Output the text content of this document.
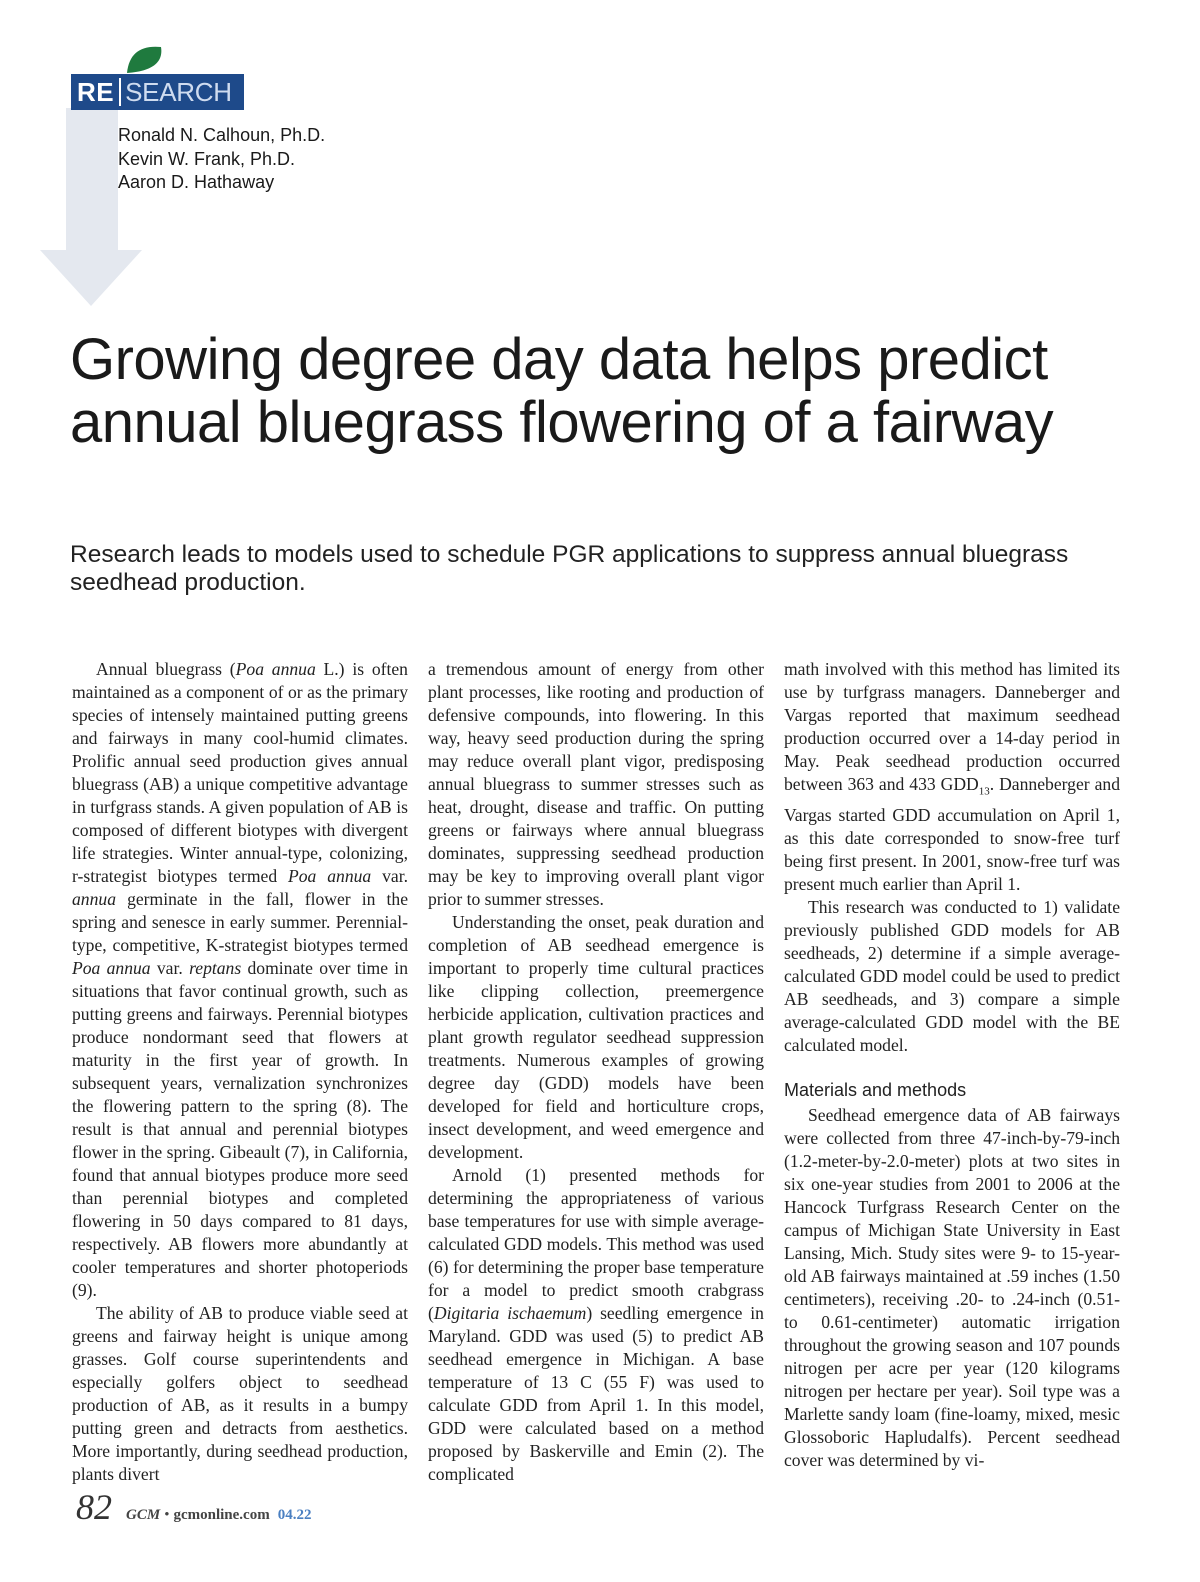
RE SEARCH
Ronald N. Calhoun, Ph.D.
Kevin W. Frank, Ph.D.
Aaron D. Hathaway
Growing degree day data helps predict annual bluegrass flowering of a fairway

Research leads to models used to schedule PGR applications to suppress annual bluegrass seedhead production.

Annual bluegrass (Poa annua L.) is often maintained as a component of or as the primary species of intensely maintained putting greens and fairways in many cool-humid climates. Prolific annual seed production gives annual bluegrass (AB) a unique competitive advantage in turfgrass stands. A given population of AB is composed of different biotypes with divergent life strategies. Winter annual-type, colonizing, r-strategist biotypes termed Poa annua var. annua germinate in the fall, flower in the spring and senesce in early summer. Perennial-type, competitive, K-strategist biotypes termed Poa annua var. reptans dominate over time in situations that favor continual growth, such as putting greens and fairways. Perennial biotypes produce nondormant seed that flowers at maturity in the first year of growth. In subsequent years, vernalization synchronizes the flowering pattern to the spring (8). The result is that annual and perennial biotypes flower in the spring. Gibeault (7), in California, found that annual biotypes produce more seed than perennial biotypes and completed flowering in 50 days compared to 81 days, respectively. AB flowers more abundantly at cooler temperatures and shorter photoperiods (9).

The ability of AB to produce viable seed at greens and fairway height is unique among grasses. Golf course superintendents and especially golfers object to seedhead production of AB, as it results in a bumpy putting green and detracts from aesthetics. More importantly, during seedhead production, plants divert

a tremendous amount of energy from other plant processes, like rooting and production of defensive compounds, into flowering. In this way, heavy seed production during the spring may reduce overall plant vigor, predisposing annual bluegrass to summer stresses such as heat, drought, disease and traffic. On putting greens or fairways where annual bluegrass dominates, suppressing seedhead production may be key to improving overall plant vigor prior to summer stresses.

Understanding the onset, peak duration and completion of AB seedhead emergence is important to properly time cultural practices like clipping collection, preemergence herbicide application, cultivation practices and plant growth regulator seedhead suppression treatments. Numerous examples of growing degree day (GDD) models have been developed for field and horticulture crops, insect development, and weed emergence and development.

Arnold (1) presented methods for determining the appropriateness of various base temperatures for use with simple average-calculated GDD models. This method was used (6) for determining the proper base temperature for a model to predict smooth crabgrass (Digitaria ischaemum) seedling emergence in Maryland. GDD was used (5) to predict AB seedhead emergence in Michigan. A base temperature of 13 C (55 F) was used to calculate GDD from April 1. In this model, GDD were calculated based on a method proposed by Baskerville and Emin (2). The complicated

math involved with this method has limited its use by turfgrass managers. Danneberger and Vargas reported that maximum seedhead production occurred over a 14-day period in May. Peak seedhead production occurred between 363 and 433 $GDD_{13}$. Danneberger and Vargas started GDD accumulation on April 1, as this date corresponded to snow-free turf being first present. In 2001, snow-free turf was present much earlier than April 1.

This research was conducted to 1) validate previously published GDD models for AB seedheads, 2) determine if a simple average-calculated GDD model could be used to predict AB seedheads, and 3) compare a simple average-calculated GDD model with the BE calculated model.

Materials and methods

Seedhead emergence data of AB fairways were collected from three 47-inch-by-79-inch (1.2-meter-by-2.0-meter) plots at two sites in six one-year studies from 2001 to 2006 at the Hancock Turfgrass Research Center on the campus of Michigan State University in East Lansing, Mich. Study sites were 9- to 15-year-old AB fairways maintained at .59 inches (1.50 centimeters), receiving .20- to .24-inch (0.51- to 0.61-centimeter) automatic irrigation throughout the growing season and 107 pounds nitrogen per acre per year (120 kilograms nitrogen per hectare per year). Soil type was a Marlette sandy loam (fine-loamy, mixed, mesic Glossoboric Hapludalfs). Percent seedhead cover was determined by vi-

82 GCM • gcmonline.com 04.22
